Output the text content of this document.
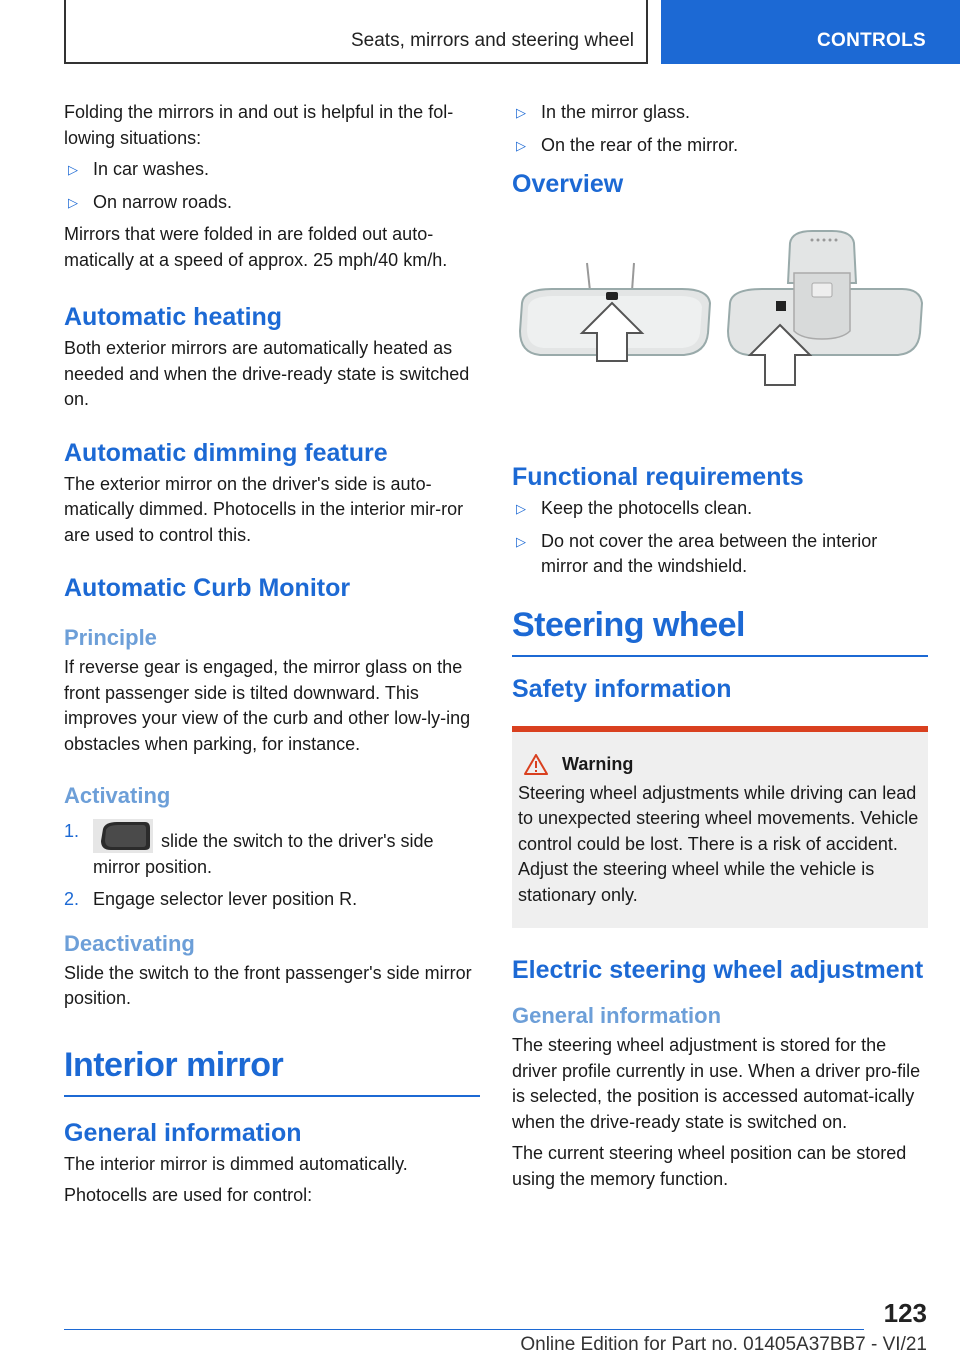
Seats, mirrors and steering wheel	CONTROLS

Folding the mirrors in and out is helpful in the fol‐lowing situations:

▷ In car washes.
▷ On narrow roads.

Mirrors that were folded in are folded out auto‐matically at a speed of approx. 25 mph/40 km/h.

Automatic heating

Both exterior mirrors are automatically heated as needed and when the drive-ready state is switched on.

Automatic dimming feature

The exterior mirror on the driver's side is auto‐matically dimmed. Photocells in the interior mir‐ror are used to control this.

Automatic Curb Monitor
Principle

If reverse gear is engaged, the mirror glass on the front passenger side is tilted downward. This improves your view of the curb and other low-ly‐ing obstacles when parking, for instance.

Activating
1.	slide the switch to the driver's side mirror position.
2. Engage selector lever position R.
Deactivating

Slide the switch to the front passenger's side mirror position.

Interior mirror
General information

The interior mirror is dimmed automatically.

Photocells are used for control:

▷ In the mirror glass.
▷ On the rear of the mirror.
Overview
Functional requirements
▷ Keep the photocells clean.
▷ Do not cover the area between the interior mirror and the windshield.
Steering wheel
Safety information
Warning

Steering wheel adjustments while driving can lead to unexpected steering wheel movements. Vehicle control could be lost. There is a risk of accident. Adjust the steering wheel while the vehicle is stationary only.

Electric steering wheel adjustment
General information

The steering wheel adjustment is stored for the driver profile currently in use. When a driver pro‐file is selected, the position is accessed automat‐ically when the drive-ready state is switched on.

The current steering wheel position can be stored using the memory function.

123
Online Edition for Part no. 01405A37BB7 - VI/21
